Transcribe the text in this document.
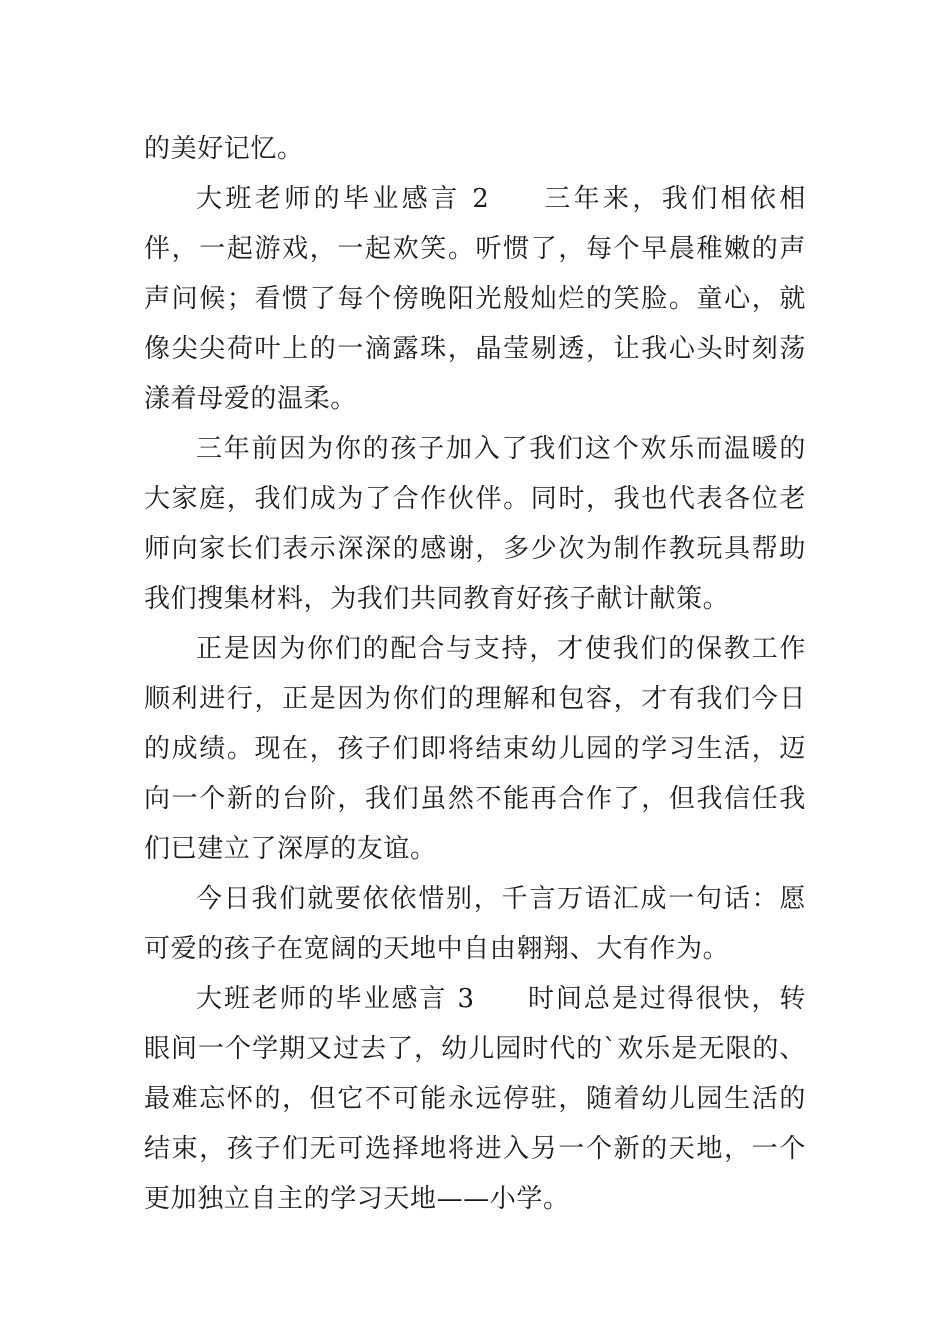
的美好记忆。

大班老师的毕业感言 2 三年来，我们相依相伴，一起游戏，一起欢笑。听惯了，每个早晨稚嫩的声声问候；看惯了每个傍晚阳光般灿烂的笑脸。童心，就像尖尖荷叶上的一滴露珠，晶莹剔透，让我心头时刻荡漾着母爱的温柔。

三年前因为你的孩子加入了我们这个欢乐而温暖的大家庭，我们成为了合作伙伴。同时，我也代表各位老师向家长们表示深深的感谢，多少次为制作教玩具帮助我们搜集材料，为我们共同教育好孩子献计献策。

正是因为你们的配合与支持，才使我们的保教工作顺利进行，正是因为你们的理解和包容，才有我们今日的成绩。现在，孩子们即将结束幼儿园的学习生活，迈向一个新的台阶，我们虽然不能再合作了，但我信任我们已建立了深厚的友谊。

今日我们就要依依惜别，千言万语汇成一句话：愿可爱的孩子在宽阔的天地中自由翱翔、大有作为。

大班老师的毕业感言 3 时间总是过得很快，转眼间一个学期又过去了，幼儿园时代的`欢乐是无限的、最难忘怀的，但它不可能永远停驻，随着幼儿园生活的结束，孩子们无可选择地将进入另一个新的天地，一个更加独立自主的学习天地——小学。
